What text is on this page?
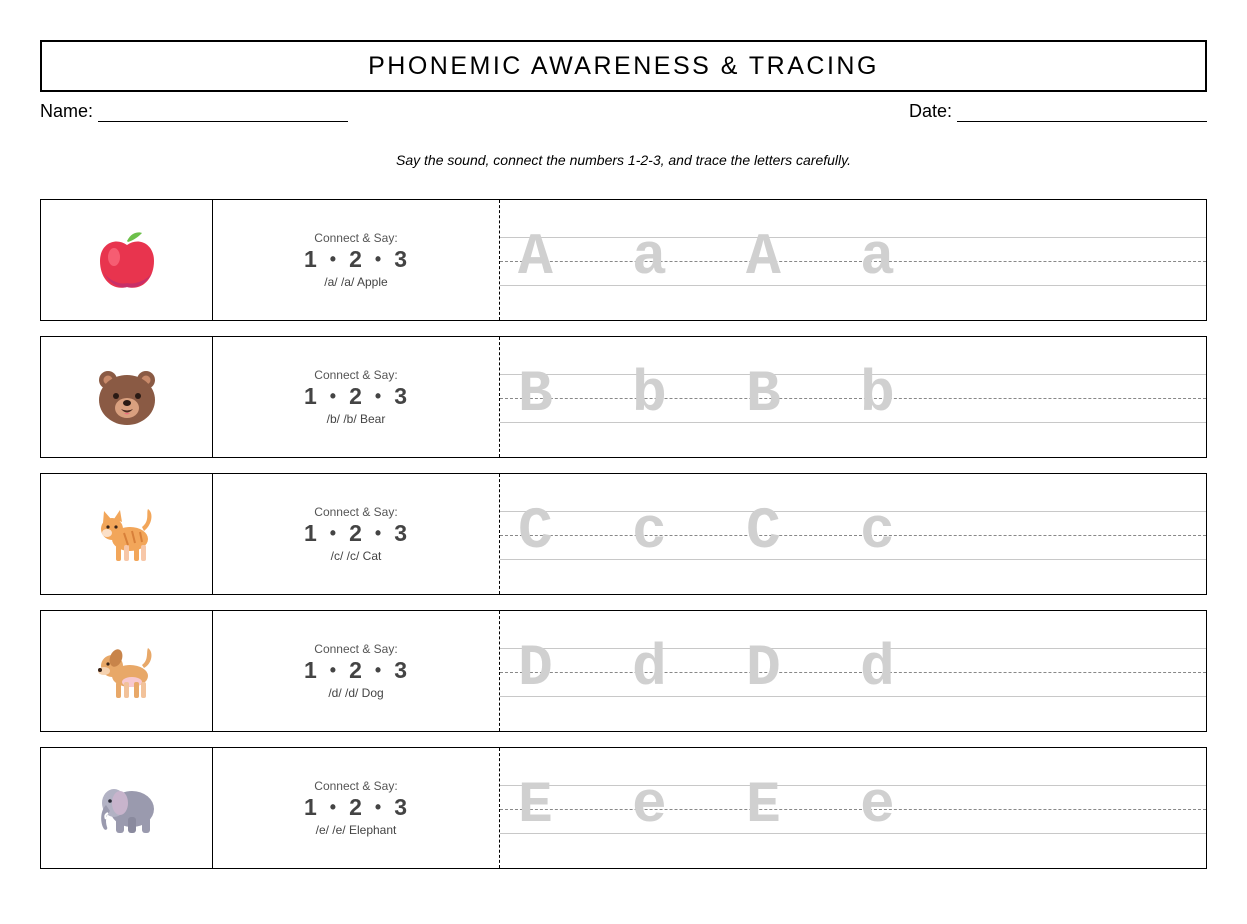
PHONEMIC AWARENESS & TRACING
Name:	Date:
Say the sound, connect the numbers 1-2-3, and trace the letters carefully.
Connect & Say:
1 • 2 • 3
/a/ /a/ Apple A	a	A	a
Connect & Say:
1 • 2 • 3
/b/ /b/ Bear B	b	B	b
Connect & Say:
1 • 2 • 3
/c/ /c/ Cat C	c	C	c
Connect & Say:
1 • 2 • 3
/d/ /d/ Dog D	d	D	d
Connect & Say:
1 • 2 • 3
/e/ /e/ Elephant E	e	E	e
